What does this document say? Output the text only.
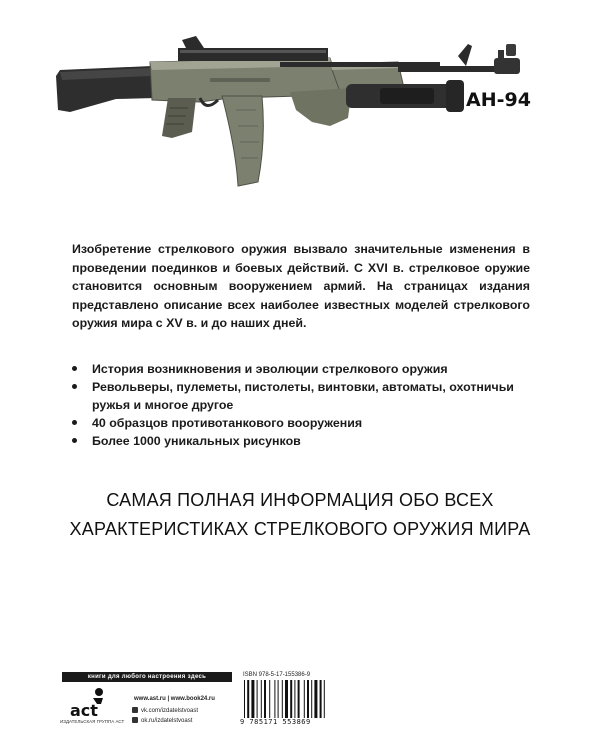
АН-94
Изобретение стрелкового оружия вызвало значительные изменения в проведении поединков и боевых действий. С XVI в. стрелковое оружие становится основным вооружением армий. На страницах издания представлено описание всех наиболее известных моделей стрелкового оружия мира с XV в. и до наших дней.
История возникновения и эволюции стрелкового оружия
Револьверы, пулеметы, пистолеты, винтовки, автоматы, охотничьи ружья и многое другое
40 образцов противотанкового вооружения
Более 1000 уникальных рисунков
САМАЯ ПОЛНАЯ ИНФОРМАЦИЯ ОБО ВСЕХ
ХАРАКТЕРИСТИКАХ СТРЕЛКОВОГО ОРУЖИЯ МИРА
книги для любого настроения здесь
act
ИЗДАТЕЛЬСКАЯ ГРУППА АСТ
www.ast.ru | www.book24.ru
vk.com/izdatelstvoast
ok.ru/izdatelstvoast
ISBN 978-5-17-155386-9
9 785171 553869
